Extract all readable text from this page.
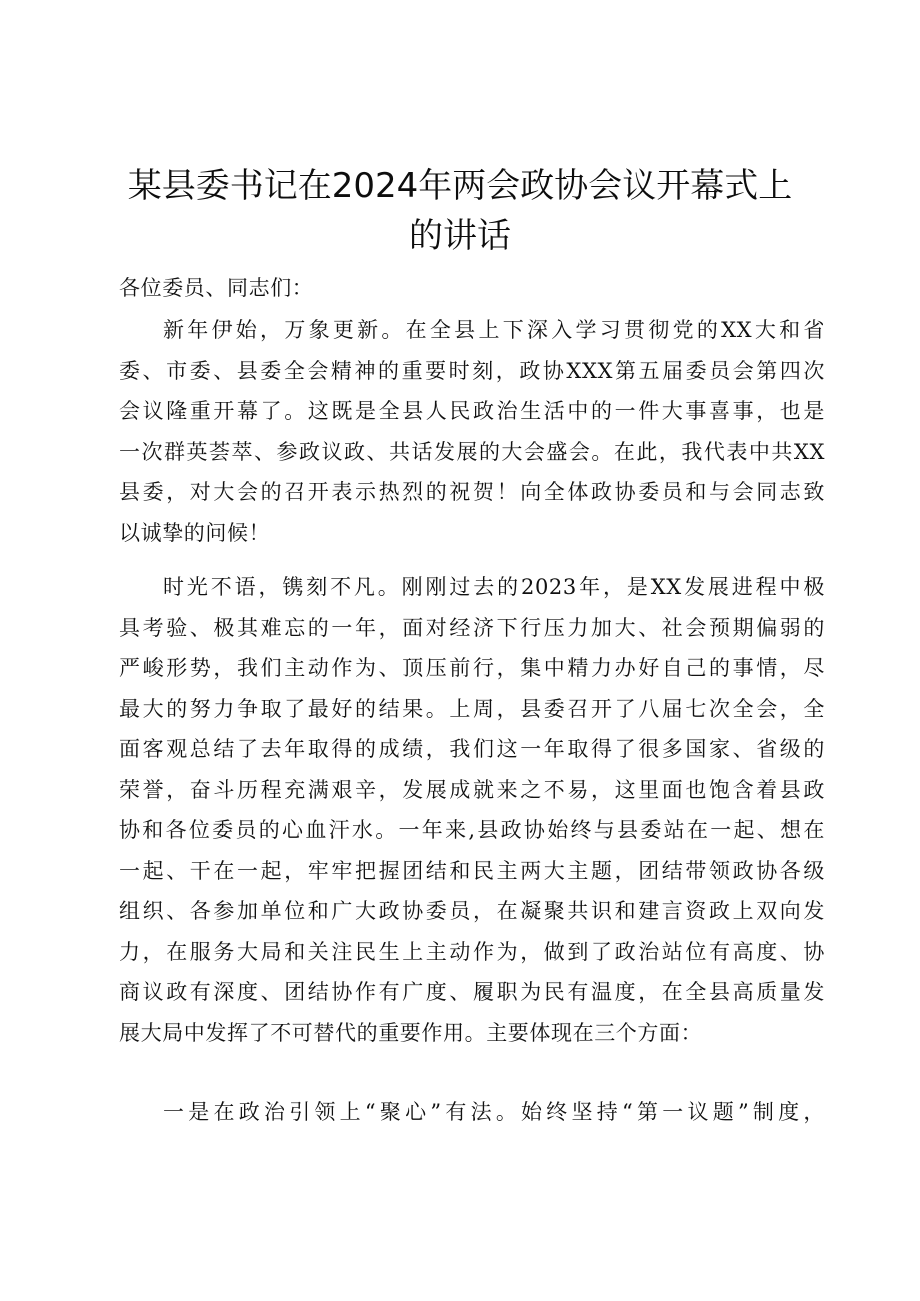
某县委书记在2024年两会政协会议开幕式上
的讲话
各位委员、同志们：
新年伊始，万象更新。在全县上下深入学习贯彻党的XX大和省
委、市委、县委全会精神的重要时刻，政协XXX第五届委员会第四次
会议隆重开幕了。这既是全县人民政治生活中的一件大事喜事，也是
一次群英荟萃、参政议政、共话发展的大会盛会。在此，我代表中共XX
县委，对大会的召开表示热烈的祝贺！向全体政协委员和与会同志致
以诚挚的问候！
时光不语，镌刻不凡。刚刚过去的2023年，是XX发展进程中极
具考验、极其难忘的一年，面对经济下行压力加大、社会预期偏弱的
严峻形势，我们主动作为、顶压前行，集中精力办好自己的事情，尽
最大的努力争取了最好的结果。上周，县委召开了八届七次全会，全
面客观总结了去年取得的成绩，我们这一年取得了很多国家、省级的
荣誉，奋斗历程充满艰辛，发展成就来之不易，这里面也饱含着县政
协和各位委员的心血汗水。一年来,县政协始终与县委站在一起、想在
一起、干在一起，牢牢把握团结和民主两大主题，团结带领政协各级
组织、各参加单位和广大政协委员，在凝聚共识和建言资政上双向发
力，在服务大局和关注民生上主动作为，做到了政治站位有高度、协
商议政有深度、团结协作有广度、履职为民有温度，在全县高质量发
展大局中发挥了不可替代的重要作用。主要体现在三个方面：
一是在政治引领上“聚心”有法。始终坚持“第一议题”制度，
